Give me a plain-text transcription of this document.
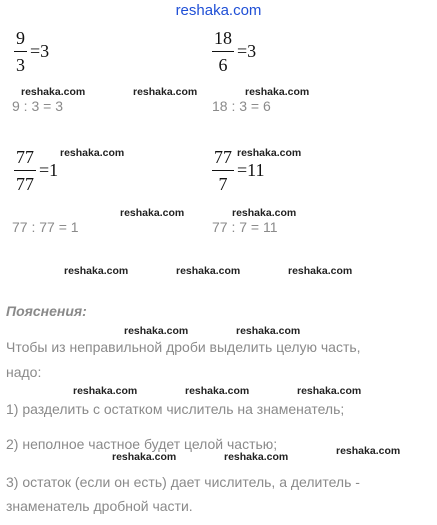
reshaka.com
$\frac{9}{3} =3$	$\frac{18}{6} =3$
reshaka.com	reshaka.com	reshaka.com
9 : 3 = 3	18 : 3 = 6
$\frac{77}{77} =1$	$\frac{77}{7} =11$
reshaka.com	reshaka.com
reshaka.com	reshaka.com
77 : 77 = 1	77 : 7 = 11
reshaka.com	reshaka.com	reshaka.com
Пояснения:
reshaka.com	reshaka.com
Чтобы из неправильной дроби выделить целую часть,
надо:
reshaka.com	reshaka.com	reshaka.com
1) разделить с остатком числитель на знаменатель;
2) неполное частное будет целой частью;	reshaka.com
reshaka.com	reshaka.com
3) остаток (если он есть) дает числитель, а делитель -
знаменатель дробной части.
